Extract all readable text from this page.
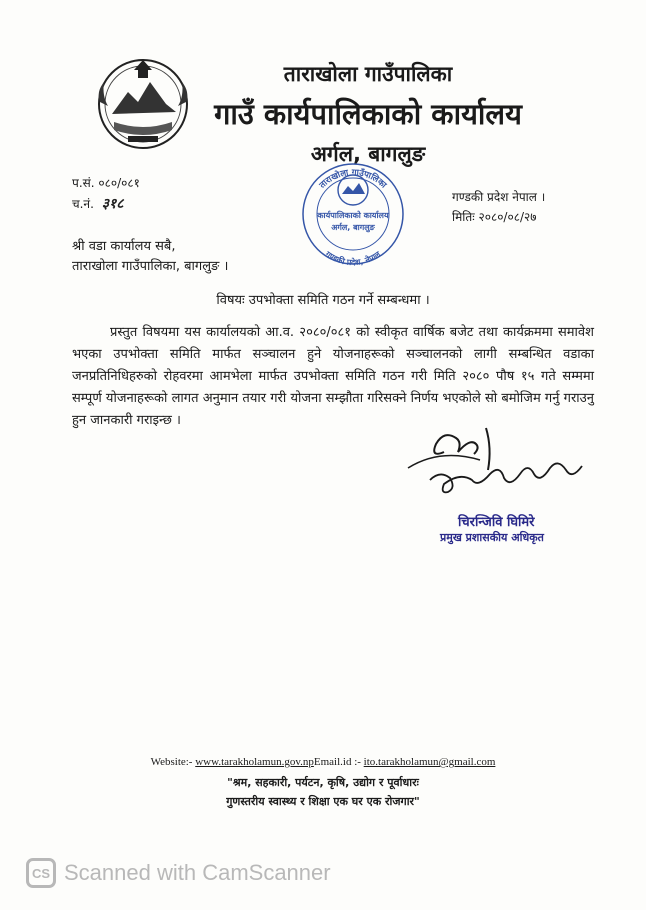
ताराखोला गाउँपालिका
गाउँ कार्यपालिकाको कार्यालय
अर्गल, बागलुङ
प.सं. ०८०/०८१
च.नं. ३१८
ताराखोला गाउँपालिका
कार्यपालिकाको कार्यालय
अर्गल, बागलुङ
गण्डकी प्रदेश, नेपाल
गण्डकी प्रदेश नेपाल ।
मितिः २०८०/०८/२७
श्री वडा कार्यालय सबै,
ताराखोला गाउँपालिका, बागलुङ ।
विषयः उपभोक्ता समिति गठन गर्ने सम्बन्धमा ।
प्रस्तुत विषयमा यस कार्यालयको आ.व. २०८०/०८१ को स्वीकृत वार्षिक बजेट तथा कार्यक्रममा समावेश भएका उपभोक्ता समिति मार्फत सञ्चालन हुने योजनाहरूको सञ्चालनको लागी सम्बन्धित वडाका जनप्रतिनिधिहरुको रोहवरमा आमभेला मार्फत उपभोक्ता समिति गठन गरी मिति २०८० पौष १५ गते सम्ममा सम्पूर्ण योजनाहरूको लागत अनुमान तयार गरी योजना सम्झौता गरिसक्ने निर्णय भएकोले सो बमोजिम गर्नु गराउनु हुन जानकारी गराइन्छ ।
चिरन्जिवि घिमिरे
प्रमुख प्रशासकीय अधिकृत
Website:- www.tarakholamun.gov.npEmail.id :- ito.tarakholamun@gmail.com
"श्रम, सहकारी, पर्यटन, कृषि, उद्योग र पूर्वाधारः
गुणस्तरीय स्वास्थ्य र शिक्षा एक घर एक रोजगार"
CS Scanned with CamScanner
